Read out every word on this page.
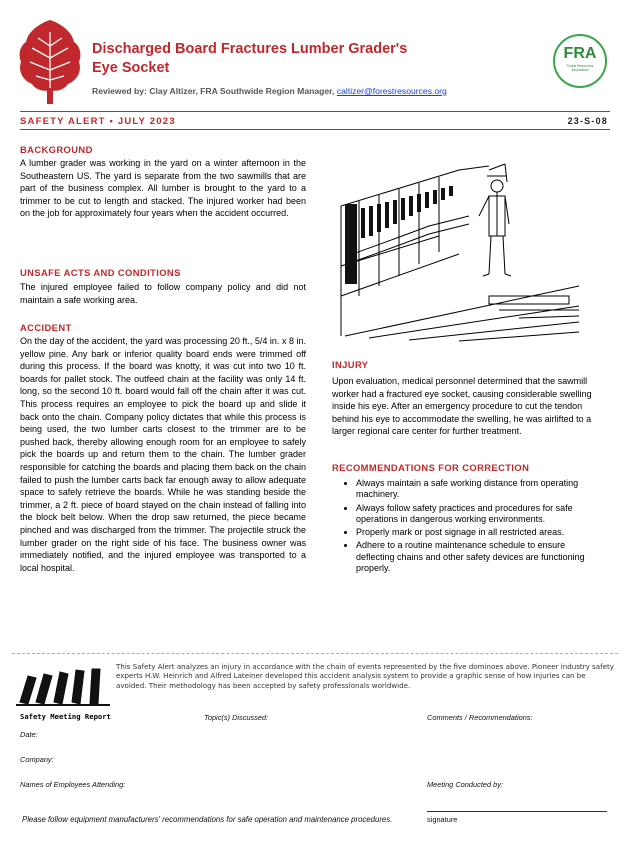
Discharged Board Fractures Lumber Grader's
Eye Socket
Reviewed by: Clay Altizer, FRA Southwide Region Manager, caltizer@forestresources.org
FRA
Forest Resources Association
SAFETY ALERT • JULY 2023	23-S-08
BACKGROUND
A lumber grader was working in the yard on a winter afternoon in the Southeastern US. The yard is separate from the two sawmills that are part of the business complex. All lumber is brought to the yard to a trimmer to be cut to length and stacked. The injured worker had been on the job for approximately four years when the accident occurred.
UNSAFE ACTS AND CONDITIONS
The injured employee failed to follow company policy and did not maintain a safe working area.
ACCIDENT
On the day of the accident, the yard was processing 20 ft., 5/4 in. x 8 in. yellow pine. Any bark or inferior quality board ends were trimmed off during this process. If the board was knotty, it was cut into two 10 ft. boards for pallet stock. The outfeed chain at the facility was only 14 ft. long, so the second 10 ft. board would fall off the chain after it was cut. This process requires an employee to pick the board up and slide it back onto the chain. Company policy dictates that while this process is being used, the two lumber carts closest to the trimmer are to be pushed back, thereby allowing enough room for an employee to safely pick the boards up and return them to the chain. The lumber grader responsible for catching the boards and placing them back on the chain failed to push the lumber carts back far enough away to allow adequate space to safely retrieve the boards. While he was standing beside the trimmer, a 2 ft. piece of board stayed on the chain instead of falling into the block belt below. When the drop saw returned, the piece became pinched and was discharged from the trimmer. The projectile struck the lumber grader on the right side of his face. The business owner was immediately notified, and the injured employee was transported to a local hospital.
INJURY
Upon evaluation, medical personnel determined that the sawmill worker had a fractured eye socket, causing considerable swelling inside his eye. After an emergency procedure to cut the tendon behind his eye to accommodate the swelling, he was airlifted to a larger regional care center for further treatment.
RECOMMENDATIONS FOR CORRECTION
• Always maintain a safe working distance from operating machinery.
• Always follow safety practices and procedures for safe operations in dangerous working environments.
• Properly mark or post signage in all restricted areas.
• Adhere to a routine maintenance schedule to ensure deflecting chains and other safety devices are functioning properly.
This Safety Alert analyzes an injury in accordance with the chain of events represented by the five dominoes above. Pioneer industry safety experts H.W. Heinrich and Alfred Lateiner developed this accident analysis system to provide a graphic sense of how injuries can be avoided. Their methodology has been accepted by safety professionals worldwide.
Safety Meeting Report	Topic(s) Discussed:	Comments / Recommendations:
Date:
Company:
Names of Employees Attending:	Meeting Conducted by:
Please follow equipment manufacturers' recommendations for safe operation and maintenance procedures.	signature
